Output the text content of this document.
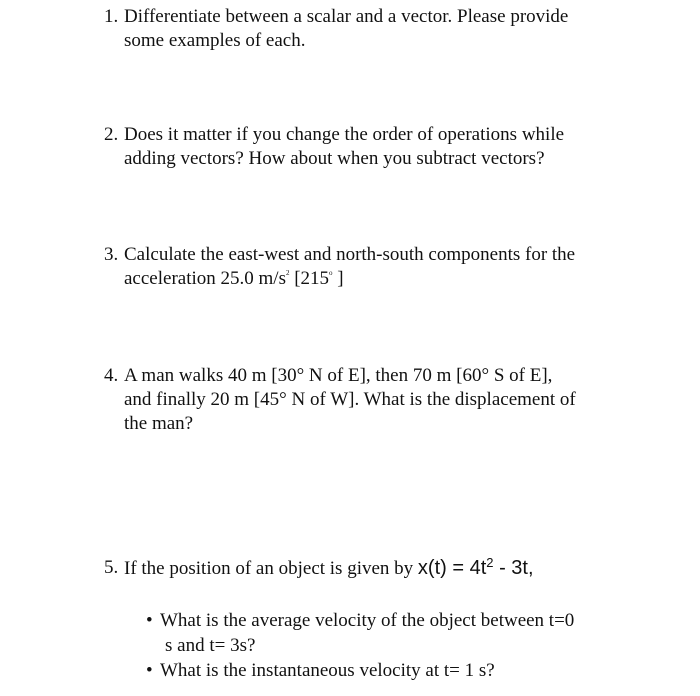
1. Differentiate between a scalar and a vector. Please provide
some examples of each.
2. Does it matter if you change the order of operations while
adding vectors? How about when you subtract vectors?
3. Calculate the east-west and north-south components for the
acceleration 25.0 $m/s^2$ [215$^o$ ]
4. A man walks 40 m [30° N of E], then 70 m [60° S of E],
and finally 20 m [45° N of W]. What is the displacement of
the man?
5. If the position of an object is given by $x(t) = 4t^2 - 3t$,
• What is the average velocity of the object between t=0
s and t= 3s?
• What is the instantaneous velocity at t= 1 s?
